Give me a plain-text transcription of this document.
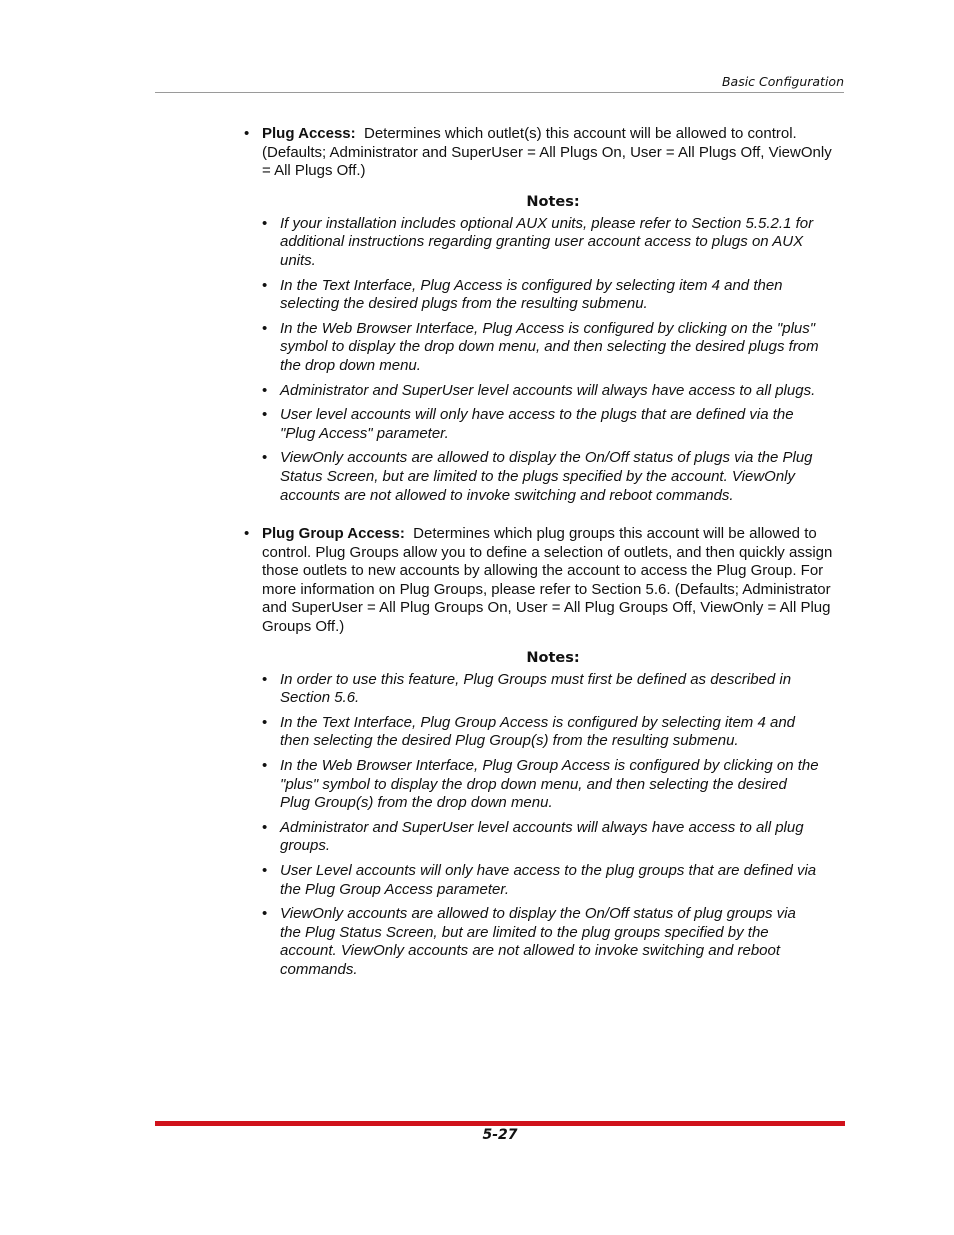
Basic Configuration
• Plug Access: Determines which outlet(s) this account will be allowed to control. (Defaults; Administrator and SuperUser = All Plugs On, User = All Plugs Off, ViewOnly = All Plugs Off.)
Notes:
• If your installation includes optional AUX units, please refer to Section 5.5.2.1 for additional instructions regarding granting user account access to plugs on AUX units.
• In the Text Interface, Plug Access is configured by selecting item 4 and then selecting the desired plugs from the resulting submenu.
• In the Web Browser Interface, Plug Access is configured by clicking on the "plus" symbol to display the drop down menu, and then selecting the desired plugs from the drop down menu.
• Administrator and SuperUser level accounts will always have access to all plugs.
• User level accounts will only have access to the plugs that are defined via the "Plug Access" parameter.
• ViewOnly accounts are allowed to display the On/Off status of plugs via the Plug Status Screen, but are limited to the plugs specified by the account. ViewOnly accounts are not allowed to invoke switching and reboot commands.
• Plug Group Access: Determines which plug groups this account will be allowed to control. Plug Groups allow you to define a selection of outlets, and then quickly assign those outlets to new accounts by allowing the account to access the Plug Group. For more information on Plug Groups, please refer to Section 5.6. (Defaults; Administrator and SuperUser = All Plug Groups On, User = All Plug Groups Off, ViewOnly = All Plug Groups Off.)
Notes:
• In order to use this feature, Plug Groups must first be defined as described in Section 5.6.
• In the Text Interface, Plug Group Access is configured by selecting item 4 and then selecting the desired Plug Group(s) from the resulting submenu.
• In the Web Browser Interface, Plug Group Access is configured by clicking on the "plus" symbol to display the drop down menu, and then selecting the desired Plug Group(s) from the drop down menu.
• Administrator and SuperUser level accounts will always have access to all plug groups.
• User Level accounts will only have access to the plug groups that are defined via the Plug Group Access parameter.
• ViewOnly accounts are allowed to display the On/Off status of plug groups via the Plug Status Screen, but are limited to the plug groups specified by the account. ViewOnly accounts are not allowed to invoke switching and reboot commands.
5-27
